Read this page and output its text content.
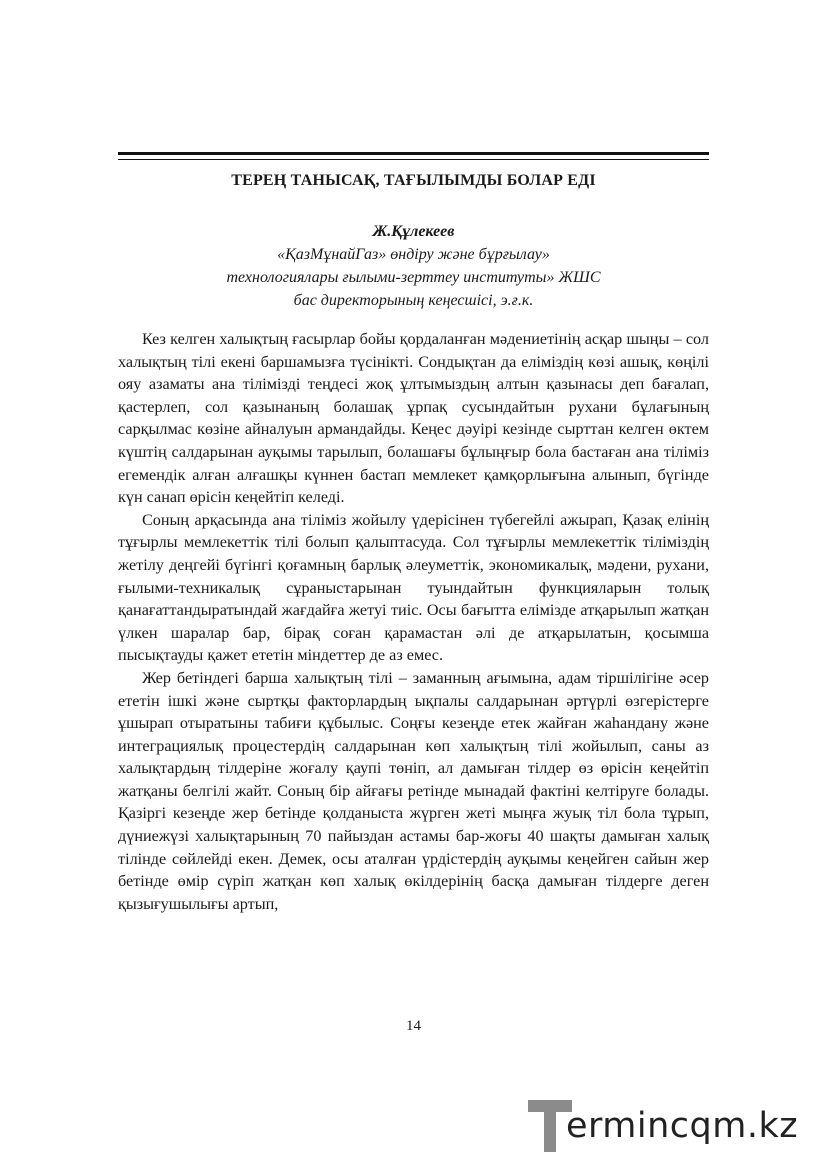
ТЕРЕҢ ТАНЫСАҚ, ТАҒЫЛЫМДЫ БОЛАР ЕДІ
Ж.Құлекеев
«ҚазМұнайГаз» өндіру және бұрғылау»
технологиялары ғылыми-зерттеу институты» ЖШС
бас директорының кеңесшісі, э.ғ.к.

Кез келген халықтың ғасырлар бойы қордаланған мәдениетінің асқар шыңы – сол халықтың тілі екені баршамызға түсінікті. Сондықтан да еліміздің көзі ашық, көңілі ояу азаматы ана тілімізді теңдесі жоқ ұлтымыздың алтын қазынасы деп бағалап, қастерлеп, сол қазынаның болашақ ұрпақ сусындайтын рухани бұлағының сарқылмас көзіне айналуын армандайды. Кеңес дәуірі кезінде сырттан келген өктем күштің салдарынан ауқымы тарылып, болашағы бұлыңғыр бола бастаған ана тіліміз егемендік алған алғашқы күннен бастап мемлекет қамқорлығына алынып, бүгінде күн санап өрісін кеңейтіп келеді.

Соның арқасында ана тіліміз жойылу үдерісінен түбегейлі ажырап, Қазақ елінің тұғырлы мемлекеттік тілі болып қалыптасуда. Сол тұғырлы мемлекеттік тіліміздің жетілу деңгейі бүгінгі қоғамның барлық әлеуметтік, экономикалық, мәдени, рухани, ғылыми-техникалық сұраныстарынан туындайтын функцияларын толық қанағаттандыратындай жағдайға жетуі тиіс. Осы бағытта елімізде атқарылып жатқан үлкен шаралар бар, бірақ соған қарамастан әлі де атқарылатын, қосымша пысықтауды қажет ететін міндеттер де аз емес.

Жер бетіндегі барша халықтың тілі – заманның ағымына, адам тіршілігіне әсер ететін ішкі және сыртқы факторлардың ықпалы салдарынан әртүрлі өзгерістерге ұшырап отыратыны табиғи құбылыс. Соңғы кезеңде етек жайған жаһандану және интеграциялық процестердің салдарынан көп халықтың тілі жойылып, саны аз халықтардың тілдеріне жоғалу қаупі төніп, ал дамыған тілдер өз өрісін кеңейтіп жатқаны белгілі жайт. Соның бір айғағы ретінде мынадай фактіні келтіруге болады. Қазіргі кезеңде жер бетінде қолданыста жүрген жеті мыңға жуық тіл бола тұрып, дүниежүзі халықтарының 70 пайыздан астамы бар-жоғы 40 шақты дамыған халық тілінде сөйлейді екен. Демек, осы аталған үрдістердің ауқымы кеңейген сайын жер бетінде өмір сүріп жатқан көп халық өкілдерінің басқа дамыған тілдерге деген қызығушылығы артып,

14
ermincqm.kz
